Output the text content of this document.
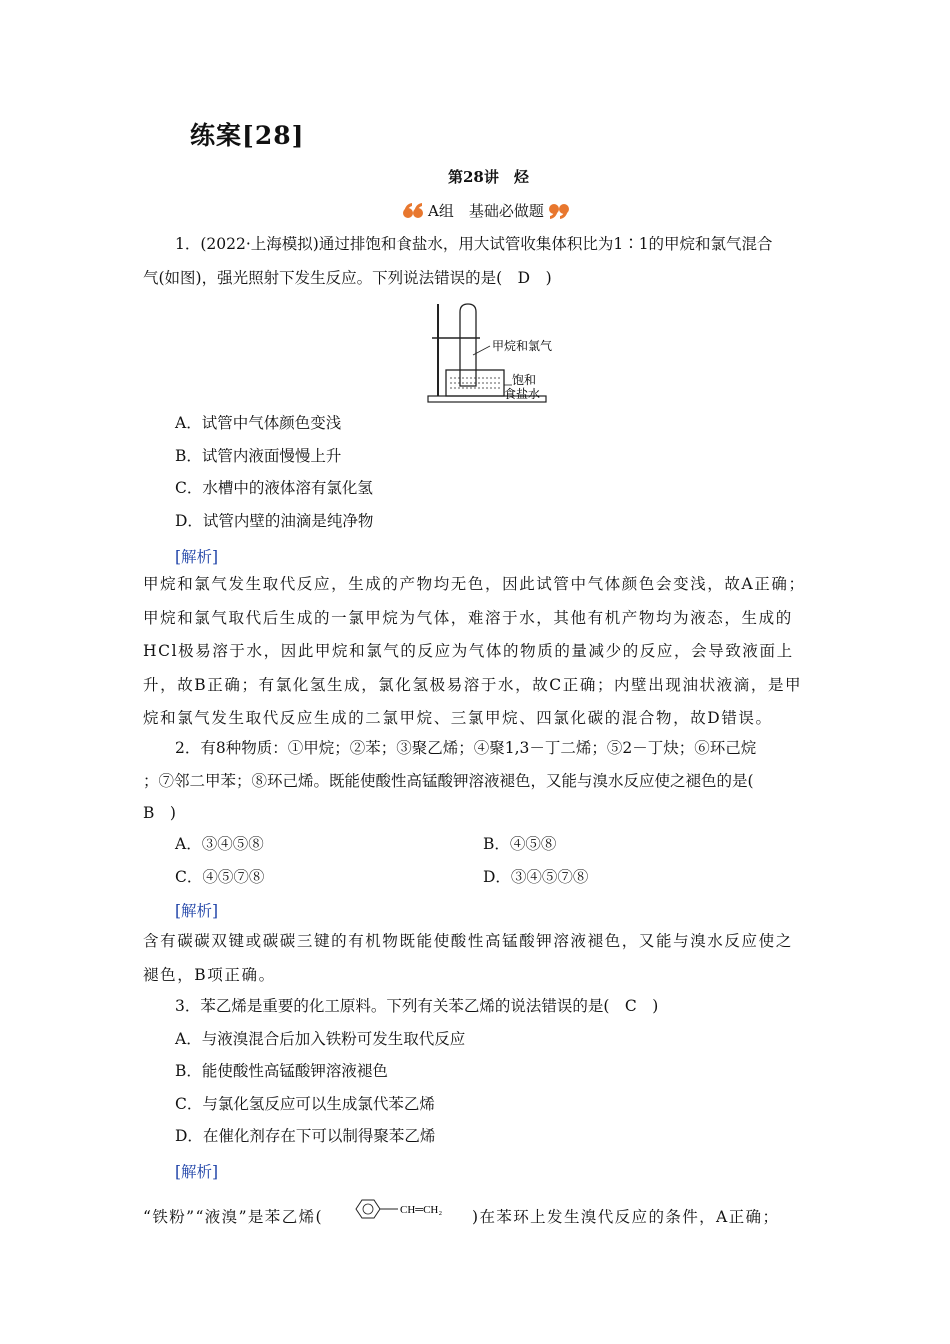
练案[28]
第28讲　烃
A组　基础必做题
1．(2022·上海模拟)通过排饱和食盐水，用大试管收集体积比为1∶1的甲烷和氯气混合
气(如图)，强光照射下发生反应。下列说法错误的是(　D　)
甲烷和氯气
饱和
食盐水
A．试管中气体颜色变浅
B．试管内液面慢慢上升
C．水槽中的液体溶有氯化氢
D．试管内壁的油滴是纯净物
[解析]
甲烷和氯气发生取代反应，生成的产物均无色，因此试管中气体颜色会变浅，故A正确；甲烷和氯气取代后生成的一氯甲烷为气体，难溶于水，其他有机产物均为液态，生成的HCl极易溶于水，因此甲烷和氯气的反应为气体的物质的量减少的反应，会导致液面上升，故B正确；有氯化氢生成，氯化氢极易溶于水，故C正确；内壁出现油状液滴，是甲烷和氯气发生取代反应生成的二氯甲烷、三氯甲烷、四氯化碳的混合物，故D错误。
2．有8种物质：①甲烷；②苯；③聚乙烯；④聚1,3－丁二烯；⑤2－丁炔；⑥环己烷
；⑦邻二甲苯；⑧环己烯。既能使酸性高锰酸钾溶液褪色，又能与溴水反应使之褪色的是(
B　)
A．③④⑤⑧	B．④⑤⑧
C．④⑤⑦⑧	D．③④⑤⑦⑧
[解析]
含有碳碳双键或碳碳三键的有机物既能使酸性高锰酸钾溶液褪色，又能与溴水反应使之褪色，B项正确。
3．苯乙烯是重要的化工原料。下列有关苯乙烯的说法错误的是(　C　)
A．与液溴混合后加入铁粉可发生取代反应
B．能使酸性高锰酸钾溶液褪色
C．与氯化氢反应可以生成氯代苯乙烯
D．在催化剂存在下可以制得聚苯乙烯
[解析]
“铁粉”“液溴”是苯乙烯(	CH═CH₂ )在苯环上发生溴代反应的条件，A正确；
